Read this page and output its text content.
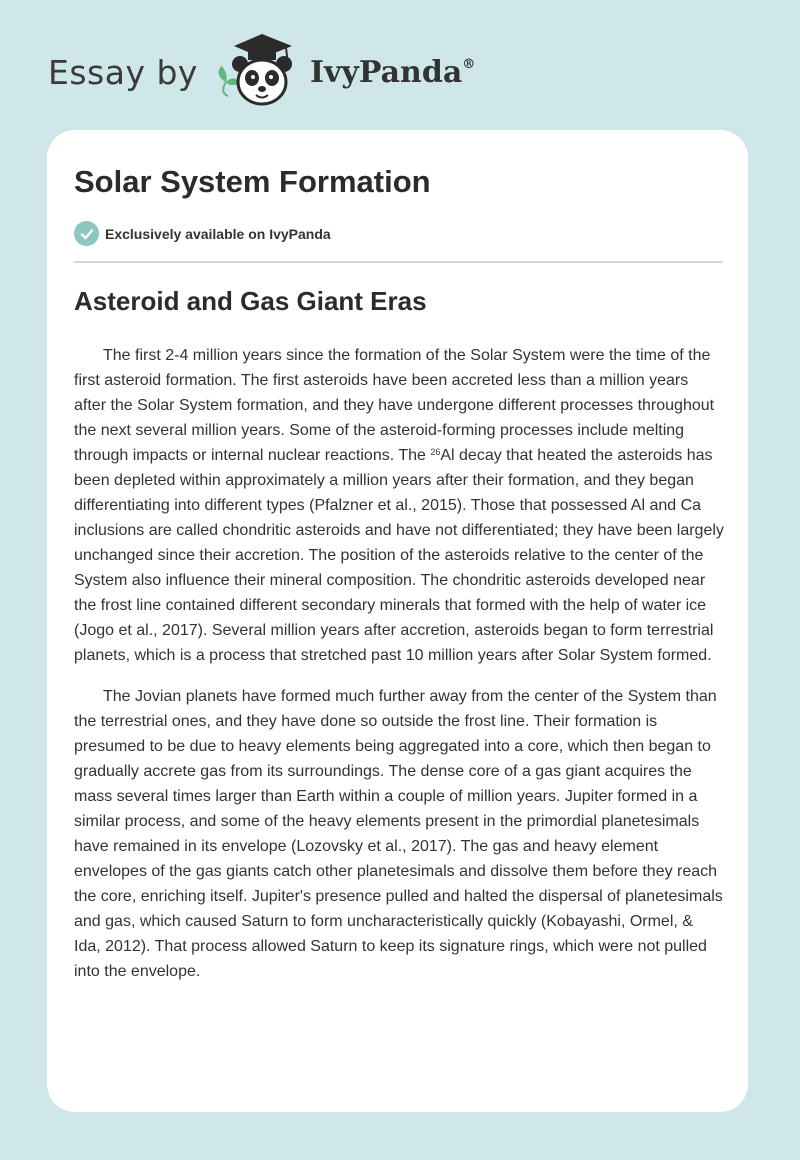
Essay by	IvyPanda®
Solar System Formation
Exclusively available on IvyPanda
Asteroid and Gas Giant Eras

The first 2-4 million years since the formation of the Solar System were the time of the first asteroid formation. The first asteroids have been accreted less than a million years after the Solar System formation, and they have undergone different processes throughout the next several million years. Some of the asteroid-forming processes include melting through impacts or internal nuclear reactions. The $^{26}$Al decay that heated the asteroids has been depleted within approximately a million years after their formation, and they began differentiating into different types (Pfalzner et al., 2015). Those that possessed Al and Ca inclusions are called chondritic asteroids and have not differentiated; they have been largely unchanged since their accretion. The position of the asteroids relative to the center of the System also influence their mineral composition. The chondritic asteroids developed near the frost line contained different secondary minerals that formed with the help of water ice (Jogo et al., 2017). Several million years after accretion, asteroids began to form terrestrial planets, which is a process that stretched past 10 million years after Solar System formed.

The Jovian planets have formed much further away from the center of the System than the terrestrial ones, and they have done so outside the frost line. Their formation is presumed to be due to heavy elements being aggregated into a core, which then began to gradually accrete gas from its surroundings. The dense core of a gas giant acquires the mass several times larger than Earth within a couple of million years. Jupiter formed in a similar process, and some of the heavy elements present in the primordial planetesimals have remained in its envelope (Lozovsky et al., 2017). The gas and heavy element envelopes of the gas giants catch other planetesimals and dissolve them before they reach the core, enriching itself. Jupiter's presence pulled and halted the dispersal of planetesimals and gas, which caused Saturn to form uncharacteristically quickly (Kobayashi, Ormel, & Ida, 2012). That process allowed Saturn to keep its signature rings, which were not pulled into the envelope.
